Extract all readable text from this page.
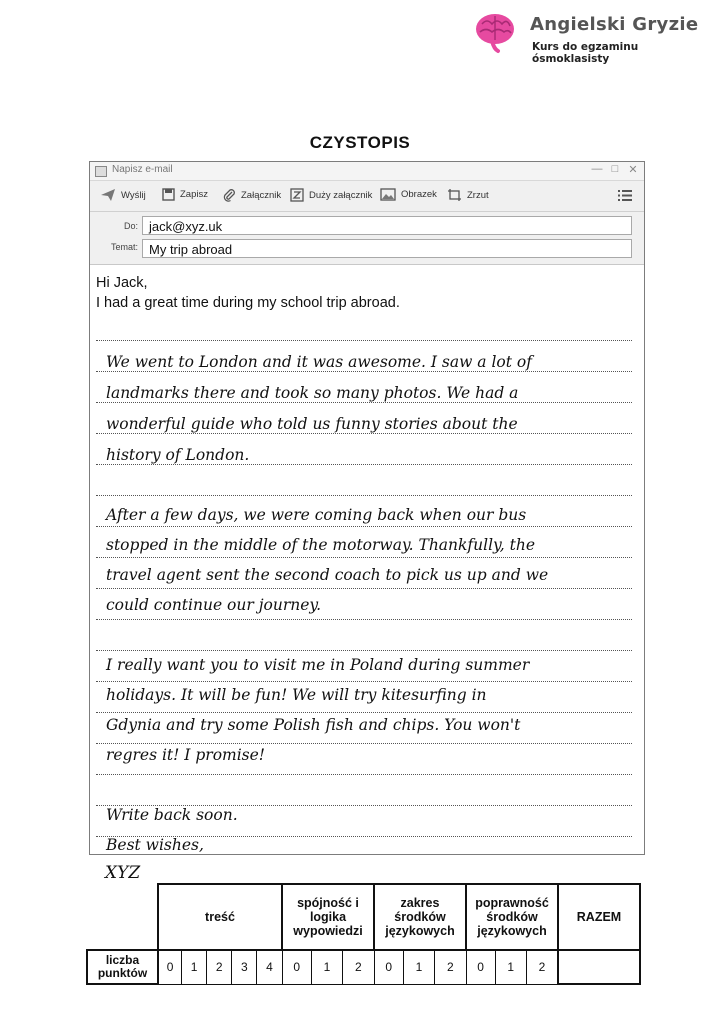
Angielski Gryzie
Kurs do egzaminu ósmoklasisty
CZYSTOPIS
Napisz e-mail	— □ ✕
Wyślij	Zapisz	Załącznik	Duży załącznik	Obrazek	Zrzut
Do: jack@xyz.uk
Temat: My trip abroad
Hi Jack,
I had a great time during my school trip abroad.
We went to London and it was awesome. I saw a lot of
landmarks there and took so many photos. We had a
wonderful guide who told us funny stories about the
history of London.
After a few days, we were coming back when our bus
stopped in the middle of the motorway. Thankfully, the
travel agent sent the second coach to pick us up and we
could continue our journey.
I really want you to visit me in Poland during summer
holidays. It will be fun! We will try kitesurfing in
Gdynia and try some Polish fish and chips. You won't
regres it! I promise!
Write back soon.
Best wishes,
XYZ
	treść					spójność i logika wypowiedzi			zakres środków językowych			poprawność środków językowych			RAZEM
liczba punktów	0	1	2	3	4	0	1	2	0	1	2	0	1	2	
